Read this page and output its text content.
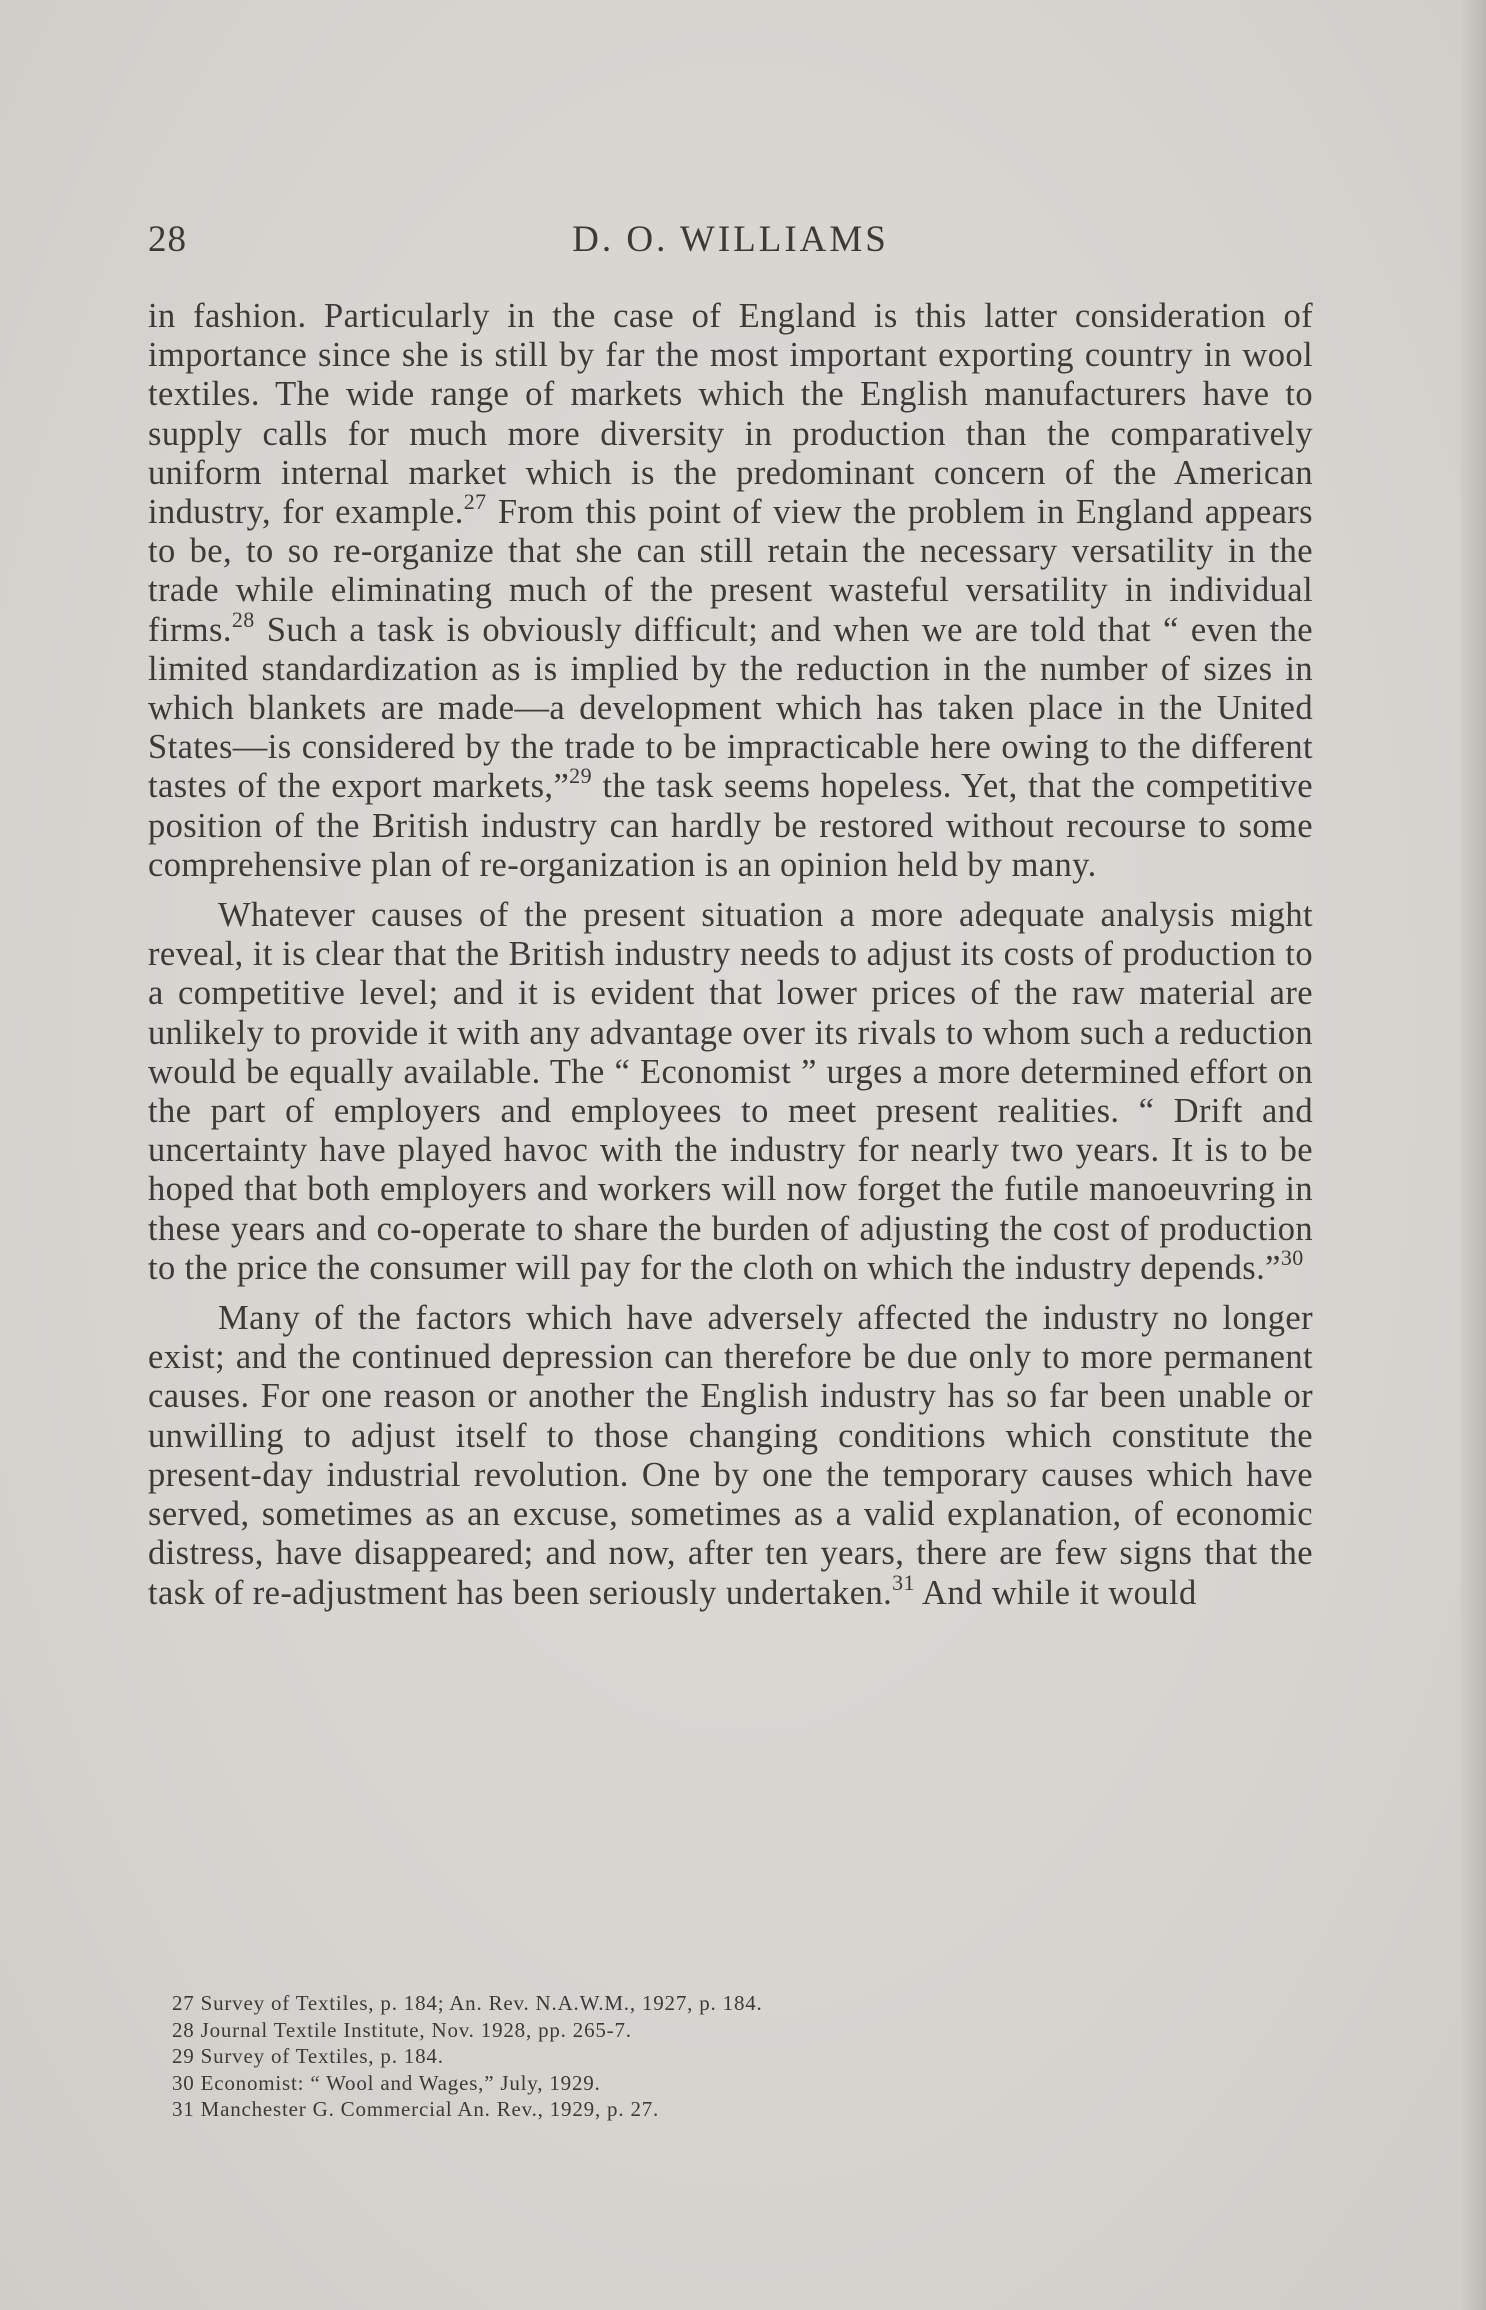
28	D. O. WILLIAMS

in fashion. Particularly in the case of England is this latter consideration of importance since she is still by far the most important exporting country in wool textiles. The wide range of markets which the English manufacturers have to supply calls for much more diversity in production than the comparatively uniform internal market which is the predominant concern of the American industry, for example.$^{27}$ From this point of view the problem in England appears to be, to so re-organize that she can still retain the necessary versatility in the trade while eliminating much of the present wasteful versatility in individual firms.$^{28}$ Such a task is obviously difficult; and when we are told that “ even the limited standardization as is implied by the reduction in the number of sizes in which blankets are made—a development which has taken place in the United States—is considered by the trade to be impracticable here owing to the different tastes of the export markets,”$^{29}$ the task seems hopeless. Yet, that the competitive position of the British industry can hardly be restored without recourse to some comprehensive plan of re-organization is an opinion held by many.

Whatever causes of the present situation a more adequate analysis might reveal, it is clear that the British industry needs to adjust its costs of production to a competitive level; and it is evident that lower prices of the raw material are unlikely to provide it with any advantage over its rivals to whom such a reduction would be equally available. The “ Economist ” urges a more determined effort on the part of employers and employees to meet present realities. “ Drift and uncertainty have played havoc with the industry for nearly two years. It is to be hoped that both employers and workers will now forget the futile manoeuvring in these years and co-operate to share the burden of adjusting the cost of production to the price the consumer will pay for the cloth on which the industry depends.”$^{30}$

Many of the factors which have adversely affected the industry no longer exist; and the continued depression can therefore be due only to more permanent causes. For one reason or another the English industry has so far been unable or unwilling to adjust itself to those changing conditions which constitute the present-day industrial revolution. One by one the temporary causes which have served, sometimes as an excuse, sometimes as a valid explanation, of economic distress, have disappeared; and now, after ten years, there are few signs that the task of re-adjustment has been seriously undertaken.$^{31}$ And while it would

27 Survey of Textiles, p. 184; An. Rev. N.A.W.M., 1927, p. 184.
28 Journal Textile Institute, Nov. 1928, pp. 265-7.
29 Survey of Textiles, p. 184.
30 Economist: “ Wool and Wages,” July, 1929.
31 Manchester G. Commercial An. Rev., 1929, p. 27.
